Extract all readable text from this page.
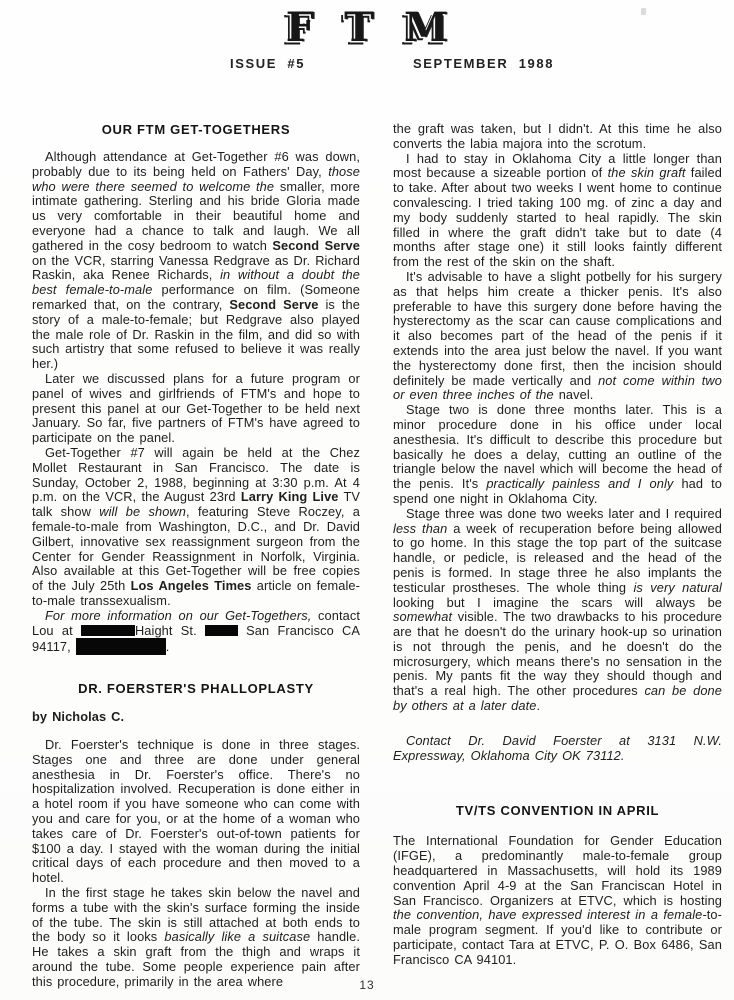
F T M
ISSUE  #5	SEPTEMBER  1988
OUR FTM GET-TOGETHERS

Although attendance at Get-Together #6 was down, probably due to its being held on Fathers' Day, those who were there seemed to welcome the smaller, more intimate gathering. Sterling and his bride Gloria made us very comfortable in their beautiful home and everyone had a chance to talk and laugh. We all gathered in the cosy bedroom to watch Second Serve on the VCR, starring Vanessa Redgrave as Dr. Richard Raskin, aka Renee Richards, in without a doubt the best female-to-male performance on film. (Someone remarked that, on the contrary, Second Serve is the story of a male-to-female; but Redgrave also played the male role of Dr. Raskin in the film, and did so with such artistry that some refused to believe it was really her.)

Later we discussed plans for a future program or panel of wives and girlfriends of FTM's and hope to present this panel at our Get-Together to be held next January. So far, five partners of FTM's have agreed to participate on the panel.

Get-Together #7 will again be held at the Chez Mollet Restaurant in San Francisco. The date is Sunday, October 2, 1988, beginning at 3:30 p.m. At 4 p.m. on the VCR, the August 23rd Larry King Live TV talk show will be shown, featuring Steve Roczey, a female-to-male from Washington, D.C., and Dr. David Gilbert, innovative sex reassignment surgeon from the Center for Gender Reassignment in Norfolk, Virginia. Also available at this Get-Together will be free copies of the July 25th Los Angeles Times article on female-to-male transsexualism.

For more information on our Get-Togethers, contact Lou at	Haight St.	San Francisco CA 94117,	.

DR. FOERSTER'S PHALLOPLASTY

by Nicholas C.

Dr. Foerster's technique is done in three stages. Stages one and three are done under general anesthesia in Dr. Foerster's office. There's no hospitalization involved. Recuperation is done either in a hotel room if you have someone who can come with you and care for you, or at the home of a woman who takes care of Dr. Foerster's out-of-town patients for $100 a day. I stayed with the woman during the initial critical days of each procedure and then moved to a hotel.

In the first stage he takes skin below the navel and forms a tube with the skin's surface forming the inside of the tube. The skin is still attached at both ends to the body so it looks basically like a suitcase handle. He takes a skin graft from the thigh and wraps it around the tube. Some people experience pain after this procedure, primarily in the area where

the graft was taken, but I didn't. At this time he also converts the labia majora into the scrotum.

I had to stay in Oklahoma City a little longer than most because a sizeable portion of the skin graft failed to take. After about two weeks I went home to continue convalescing. I tried taking 100 mg. of zinc a day and my body suddenly started to heal rapidly. The skin filled in where the graft didn't take but to date (4 months after stage one) it still looks faintly different from the rest of the skin on the shaft.

It's advisable to have a slight potbelly for his surgery as that helps him create a thicker penis. It's also preferable to have this surgery done before having the hysterectomy as the scar can cause complications and it also becomes part of the head of the penis if it extends into the area just below the navel. If you want the hysterectomy done first, then the incision should definitely be made vertically and not come within two or even three inches of the navel.

Stage two is done three months later. This is a minor procedure done in his office under local anesthesia. It's difficult to describe this procedure but basically he does a delay, cutting an outline of the triangle below the navel which will become the head of the penis. It's practically painless and I only had to spend one night in Oklahoma City.

Stage three was done two weeks later and I required less than a week of recuperation before being allowed to go home. In this stage the top part of the suitcase handle, or pedicle, is released and the head of the penis is formed. In stage three he also implants the testicular prostheses. The whole thing is very natural looking but I imagine the scars will always be somewhat visible. The two drawbacks to his procedure are that he doesn't do the urinary hook-up so urination is not through the penis, and he doesn't do the microsurgery, which means there's no sensation in the penis. My pants fit the way they should though and that's a real high. The other procedures can be done by others at a later date.

Contact Dr. David Foerster at 3131 N.W. Expressway, Oklahoma City OK 73112.

TV/TS CONVENTION IN APRIL

The International Foundation for Gender Education (IFGE), a predominantly male-to-female group headquartered in Massachusetts, will hold its 1989 convention April 4-9 at the San Franciscan Hotel in San Francisco. Organizers at ETVC, which is hosting the convention, have expressed interest in a female-to-male program segment. If you'd like to contribute or participate, contact Tara at ETVC, P. O. Box 6486, San Francisco CA 94101.

13
